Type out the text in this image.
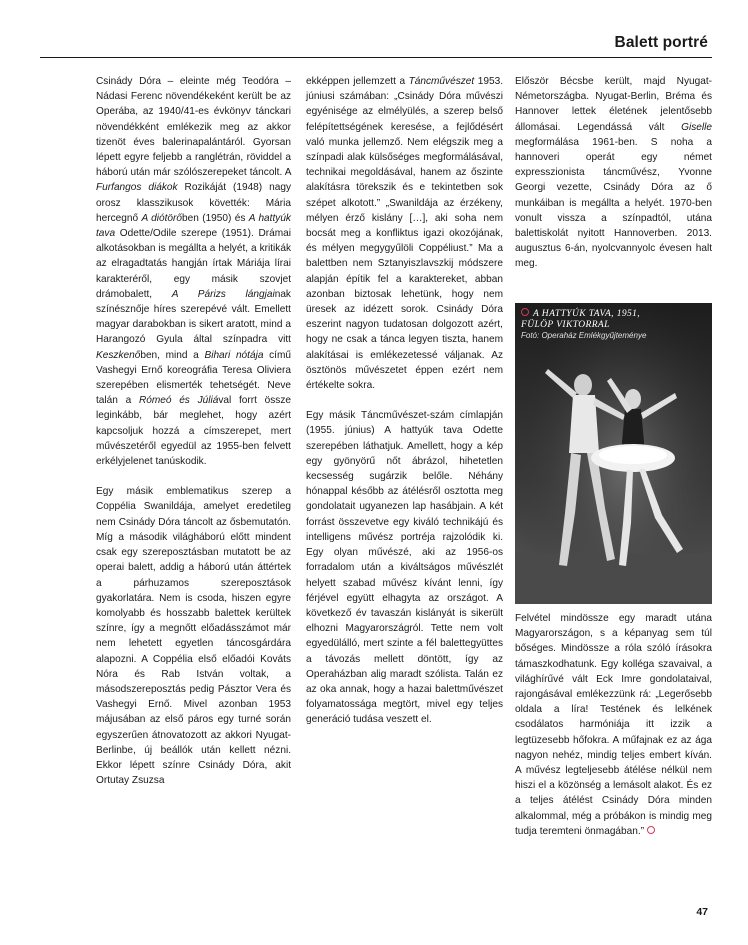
Balett portré

Csinády Dóra – eleinte még Teodóra – Nádasi Ferenc növendékeként került be az Operába, az 1940/41-es évkönyv tánckari növendékként emlékezik meg az akkor tizenöt éves balerinapalántáról. Gyorsan lépett egyre feljebb a ranglétrán, röviddel a háború után már szólószerepeket táncolt. A Furfangos diákok Rozikáját (1948) nagy orosz klasszikusok követték: Mária hercegnő A diótörőben (1950) és A hattyúk tava Odette/Odile szerepe (1951). Drámai alkotásokban is megállta a helyét, a kritikák az elragadtatás hangján írtak Máriája lírai karakteréről, egy másik szovjet drámobalett, A Párizs lángjainak színésznője híres szerepévé vált. Emellett magyar darabokban is sikert aratott, mind a Harangozó Gyula által színpadra vitt Keszkenőben, mind a Bihari nótája című Vashegyi Ernő koreográfia Teresa Oliviera szerepében elismerték tehetségét. Neve talán a Rómeó és Júliával forrt össze leginkább, bár meglehet, hogy azért kapcsoljuk hozzá a címszerepet, mert művészetéről egyedül az 1955-ben felvett erkélyjelenet tanúskodik.

Egy másik emblematikus szerep a Coppélia Swanildája, amelyet eredetileg nem Csinády Dóra táncolt az ősbemutatón. Míg a második világháború előtt mindent csak egy szereposztásban mutatott be az operai balett, addig a háború után áttértek a párhuzamos szereposztások gyakorlatára. Nem is csoda, hiszen egyre komolyabb és hosszabb balettek kerültek színre, így a megnőtt előadásszámot már nem lehetett egyetlen táncosgárdára alapozni. A Coppélia első előadói Kováts Nóra és Rab István voltak, a másodszereposztás pedig Pásztor Vera és Vashegyi Ernő. Mivel azonban 1953 májusában az első páros egy turné során egyszerűen átnovatozott az akkori Nyugat-Berlinbe, új beállók után kellett nézni. Ekkor lépett színre Csinády Dóra, akit Ortutay Zsuzsa

ekképpen jellemzett a Táncművészet 1953. júniusi számában: „Csinády Dóra művészi egyénisége az elmélyülés, a szerep belső felépítettségének keresése, a fejlődésért való munka jellemző. Nem elégszik meg a színpadi alak külsőséges megformálásával, technikai megoldásával, hanem az őszinte alakításra törekszik és e tekintetben sok szépet alkotott.” „Swanildája az érzékeny, mélyen érző kislány […], aki soha nem bocsát meg a konfliktus igazi okozójának, és mélyen megygyűlöli Coppéliust.” Ma a balettben nem Sztanyiszlavszkij módszere alapján építik fel a karaktereket, abban azonban biztosak lehetünk, hogy nem üresek az idézett sorok. Csinády Dóra eszerint nagyon tudatosan dolgozott azért, hogy ne csak a tánca legyen tiszta, hanem alakításai is emlékezetessé váljanak. Az ösztönös művészetet éppen ezért nem értékelte sokra.

Egy másik Táncművészet-szám címlapján (1955. június) A hattyúk tava Odette szerepében láthatjuk. Amellett, hogy a kép egy gyönyörű nőt ábrázol, hihetetlen kecsesség sugárzik belőle. Néhány hónappal később az átélésről osztotta meg gondolatait ugyanezen lap hasábjain. A két forrást összevetve egy kiváló technikájú és intelligens művész portréja rajzolódik ki. Egy olyan művészé, aki az 1956-os forradalom után a kiváltságos művészlét helyett szabad művész kívánt lenni, így férjével együtt elhagyta az országot. A következő év tavaszán kislányát is sikerült elhozni Magyarországról. Tette nem volt egyedülálló, mert szinte a fél balettegyüttes a távozás mellett döntött, így az Operaházban alig maradt szólista. Talán ez az oka annak, hogy a hazai balettművészet folyamatossága megtört, mivel egy teljes generáció tudása veszett el.

Először Bécsbe került, majd Nyugat-Németországba. Nyugat-Berlin, Bréma és Hannover lettek életének jelentősebb állomásai. Legendássá vált Giselle megformálása 1961-ben. S noha a hannoveri operát egy német expresszionista táncművész, Yvonne Georgi vezette, Csinády Dóra az ő munkáiban is megállta a helyét. 1970-ben vonult vissza a színpadtól, utána balettiskolát nyitott Hannoverben. 2013. augusztus 6-án, nyolcvannyolc évesen halt meg.

A HATTYÚK TAVA, 1951,
FÜLÖP VIKTORRAL
Fotó: Operaház Emlékgyűjteménye

Felvétel mindössze egy maradt utána Magyarországon, s a képanyag sem túl bőséges. Mindössze a róla szóló írásokra támaszkodhatunk. Egy kollégа szavaival, a világhírűvé vált Eck Imre gondolataival, rajongásával emlékezzünk rá: „Legerősebb oldala a líra! Testének és lelkének csodálatos harmóniája itt izzik a legtüzesebb hőfokra. A műfajnak ez az ága nagyon nehéz, mindig teljes embert kíván. A művész legteljesebb átélése nélkül nem hiszi el a közönség a lemásolt alakot. És ez a teljes átélést Csinády Dóra minden alkalommal, még a próbákon is mindig meg tudja teremteni önmagában.”

47
